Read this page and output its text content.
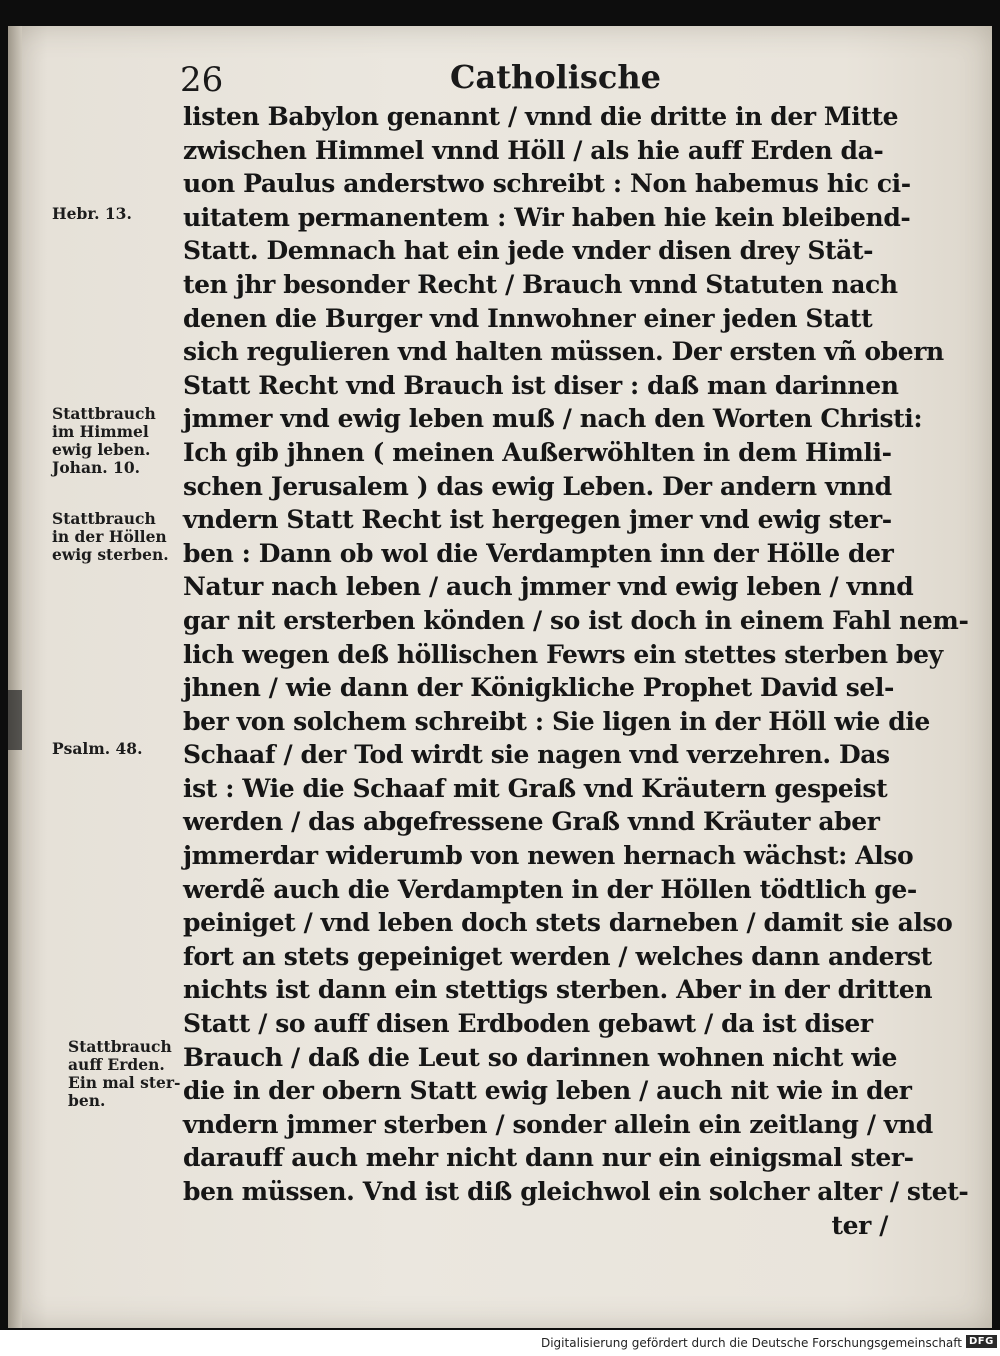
26	Catholische
listen Babylon genannt / vnnd die dritte in der Mitte
zwischen Himmel vnnd Höll / als hie auff Erden da-
uon Paulus anderstwo schreibt : Non habemus hic ci-
uitatem permanentem : Wir haben hie kein bleibend-
Statt. Demnach hat ein jede vnder disen drey Stät-
ten jhr besonder Recht / Brauch vnnd Statuten nach
denen die Burger vnd Innwohner einer jeden Statt
sich regulieren vnd halten müssen. Der ersten vñ obern
Statt Recht vnd Brauch ist diser : daß man darinnen
jmmer vnd ewig leben muß / nach den Worten Christi:
Ich gib jhnen ( meinen Außerwöhlten in dem Himli-
schen Jerusalem ) das ewig Leben. Der andern vnnd
vndern Statt Recht ist hergegen jmer vnd ewig ster-
ben : Dann ob wol die Verdampten inn der Hölle der
Natur nach leben / auch jmmer vnd ewig leben / vnnd
gar nit ersterben könden / so ist doch in einem Fahl nem-
lich wegen deß höllischen Fewrs ein stettes sterben bey
jhnen / wie dann der Königkliche Prophet David sel-
ber von solchem schreibt : Sie ligen in der Höll wie die
Schaaf / der Tod wirdt sie nagen vnd verzehren. Das
ist : Wie die Schaaf mit Graß vnd Kräutern gespeist
werden / das abgefressene Graß vnnd Kräuter aber
jmmerdar widerumb von newen hernach wächst: Also
werdẽ auch die Verdampten in der Höllen tödtlich ge-
peiniget / vnd leben doch stets darneben / damit sie also
fort an stets gepeiniget werden / welches dann anderst
nichts ist dann ein stettigs sterben. Aber in der dritten
Statt / so auff disen Erdboden gebawt / da ist diser
Brauch / daß die Leut so darinnen wohnen nicht wie
die in der obern Statt ewig leben / auch nit wie in der
vndern jmmer sterben / sonder allein ein zeitlang / vnd
darauff auch mehr nicht dann nur ein einigsmal ster-
ben müssen. Vnd ist diß gleichwol ein solcher alter / stet-
ter /
Hebr. 13.
Stattbrauch
im Himmel
ewig leben.
Johan. 10.
Stattbrauch
in der Höllen
ewig sterben.
Psalm. 48.
Stattbrauch
auff Erden.
Ein mal ster-
ben.
Digitalisierung gefördert durch die Deutsche Forschungsgemeinschaft DFG
